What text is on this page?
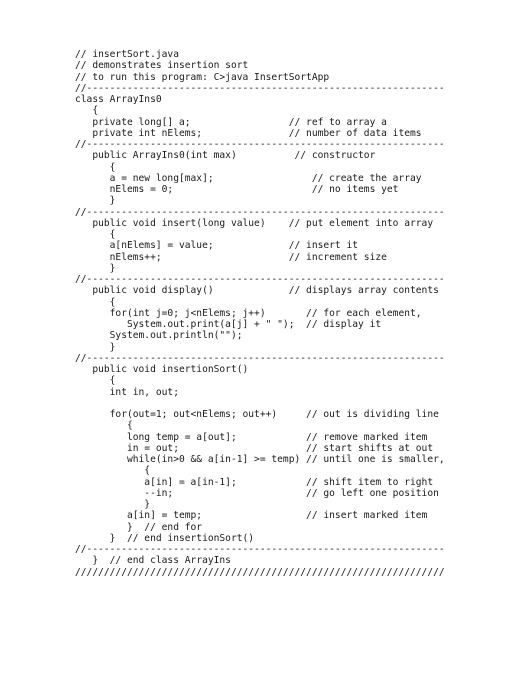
// insertSort.java
// demonstrates insertion sort
// to run this program: C>java InsertSortApp
//--------------------------------------------------------------
class ArrayIns0
{
private long[] a;                 // ref to array a
private int nElems;               // number of data items
//--------------------------------------------------------------
public ArrayIns0(int max)          // constructor
{
a = new long[max];                 // create the array
nElems = 0;                        // no items yet
}
//--------------------------------------------------------------
public void insert(long value)    // put element into array
{
a[nElems] = value;             // insert it
nElems++;                      // increment size
}
//--------------------------------------------------------------
public void display()             // displays array contents
{
for(int j=0; j<nElems; j++)       // for each element,
System.out.print(a[j] + " ");  // display it
System.out.println("");
}
//--------------------------------------------------------------
public void insertionSort()
{
int in, out;
for(out=1; out<nElems; out++)     // out is dividing line
{
long temp = a[out];            // remove marked item
in = out;                      // start shifts at out
while(in>0 && a[in-1] >= temp) // until one is smaller,
{
a[in] = a[in-1];            // shift item to right
--in;                       // go left one position
}
a[in] = temp;                  // insert marked item
}  // end for
}  // end insertionSort()
//--------------------------------------------------------------
}  // end class ArrayIns
////////////////////////////////////////////////////////////////
